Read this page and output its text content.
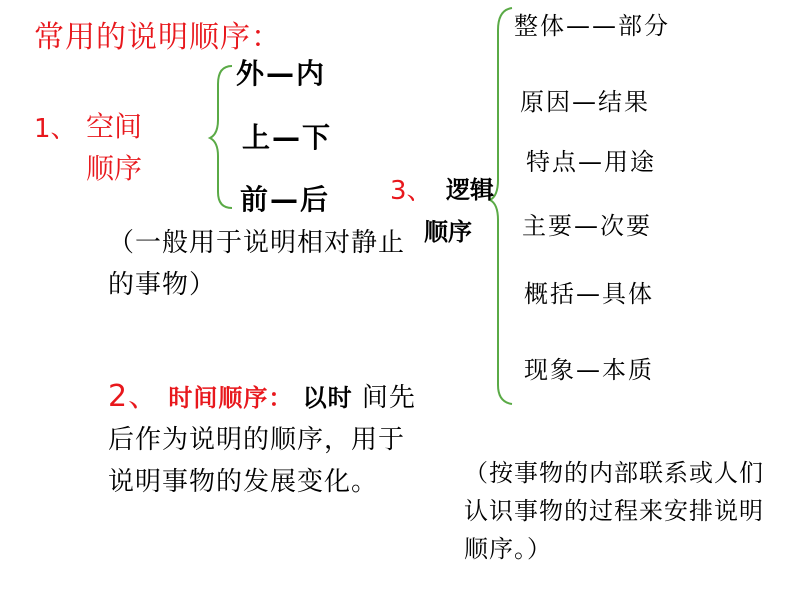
常用的说明顺序：
1、 空间顺序
外—内
上—下
前—后
（一般用于说明相对静止的事物）
2、 时间顺序： 以时 间先后作为说明的顺序，用于说明事物的发展变化。
3、 逻辑
顺序
整体——部分
原因—结果
特点—用途
主要—次要
概括—具体
现象—本质
（按事物的内部联系或人们认识事物的过程来安排说明顺序。）
